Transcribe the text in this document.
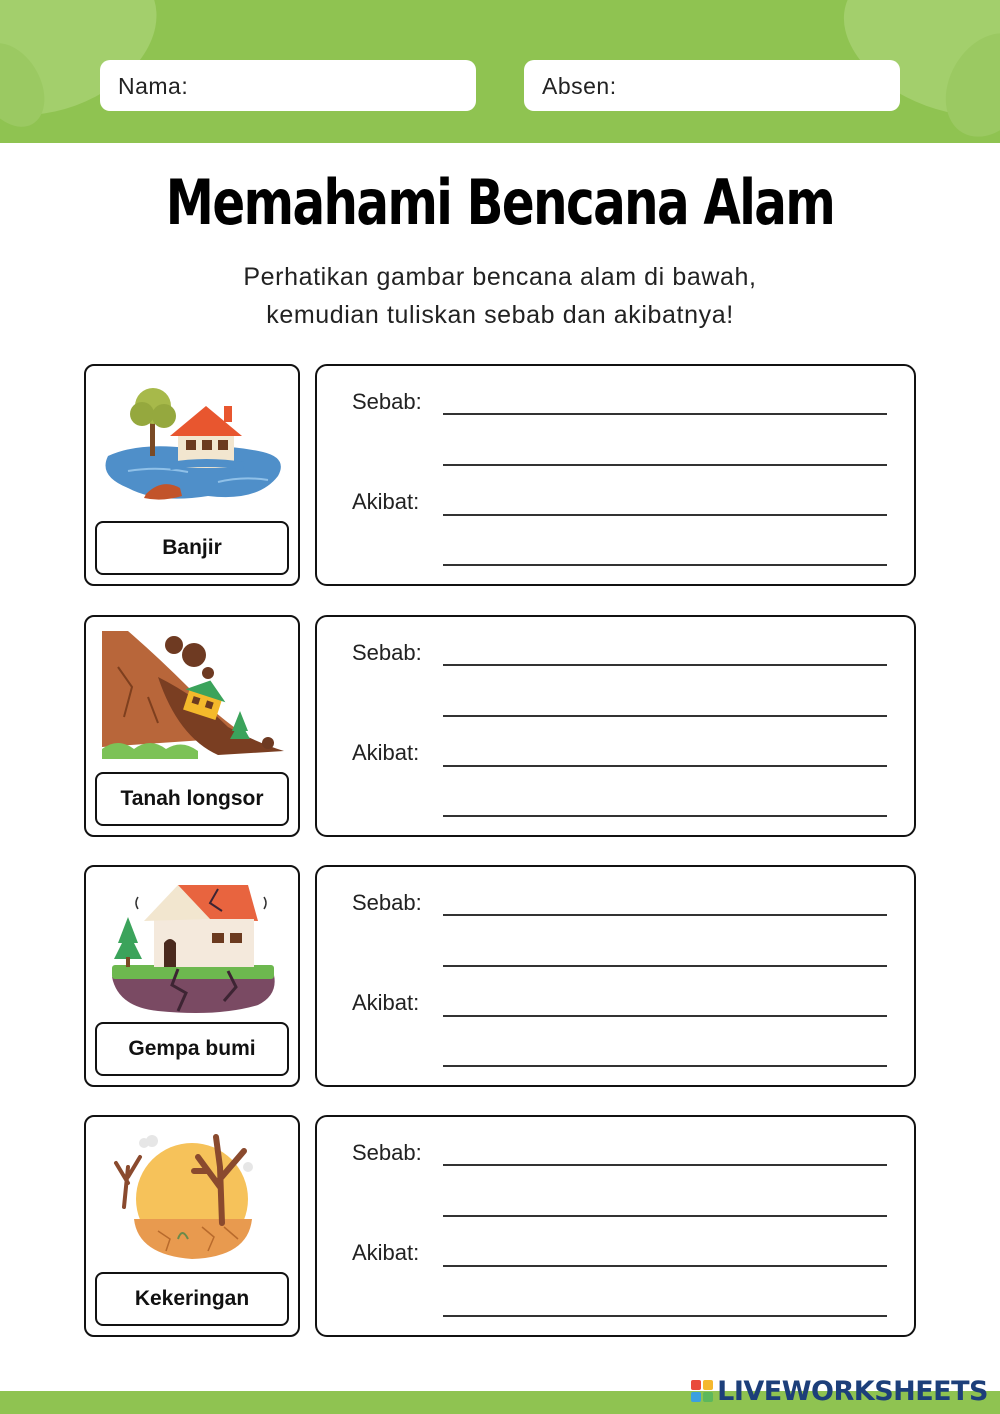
Nama:	Absen:
Memahami Bencana Alam
Perhatikan gambar bencana alam di bawah,
kemudian tuliskan sebab dan akibatnya!
Banjir
Sebab:
Akibat:
Tanah longsor
Sebab:
Akibat:
Gempa bumi
Sebab:
Akibat:
Kekeringan
Sebab:
Akibat:
LIVEWORKSHEETS
